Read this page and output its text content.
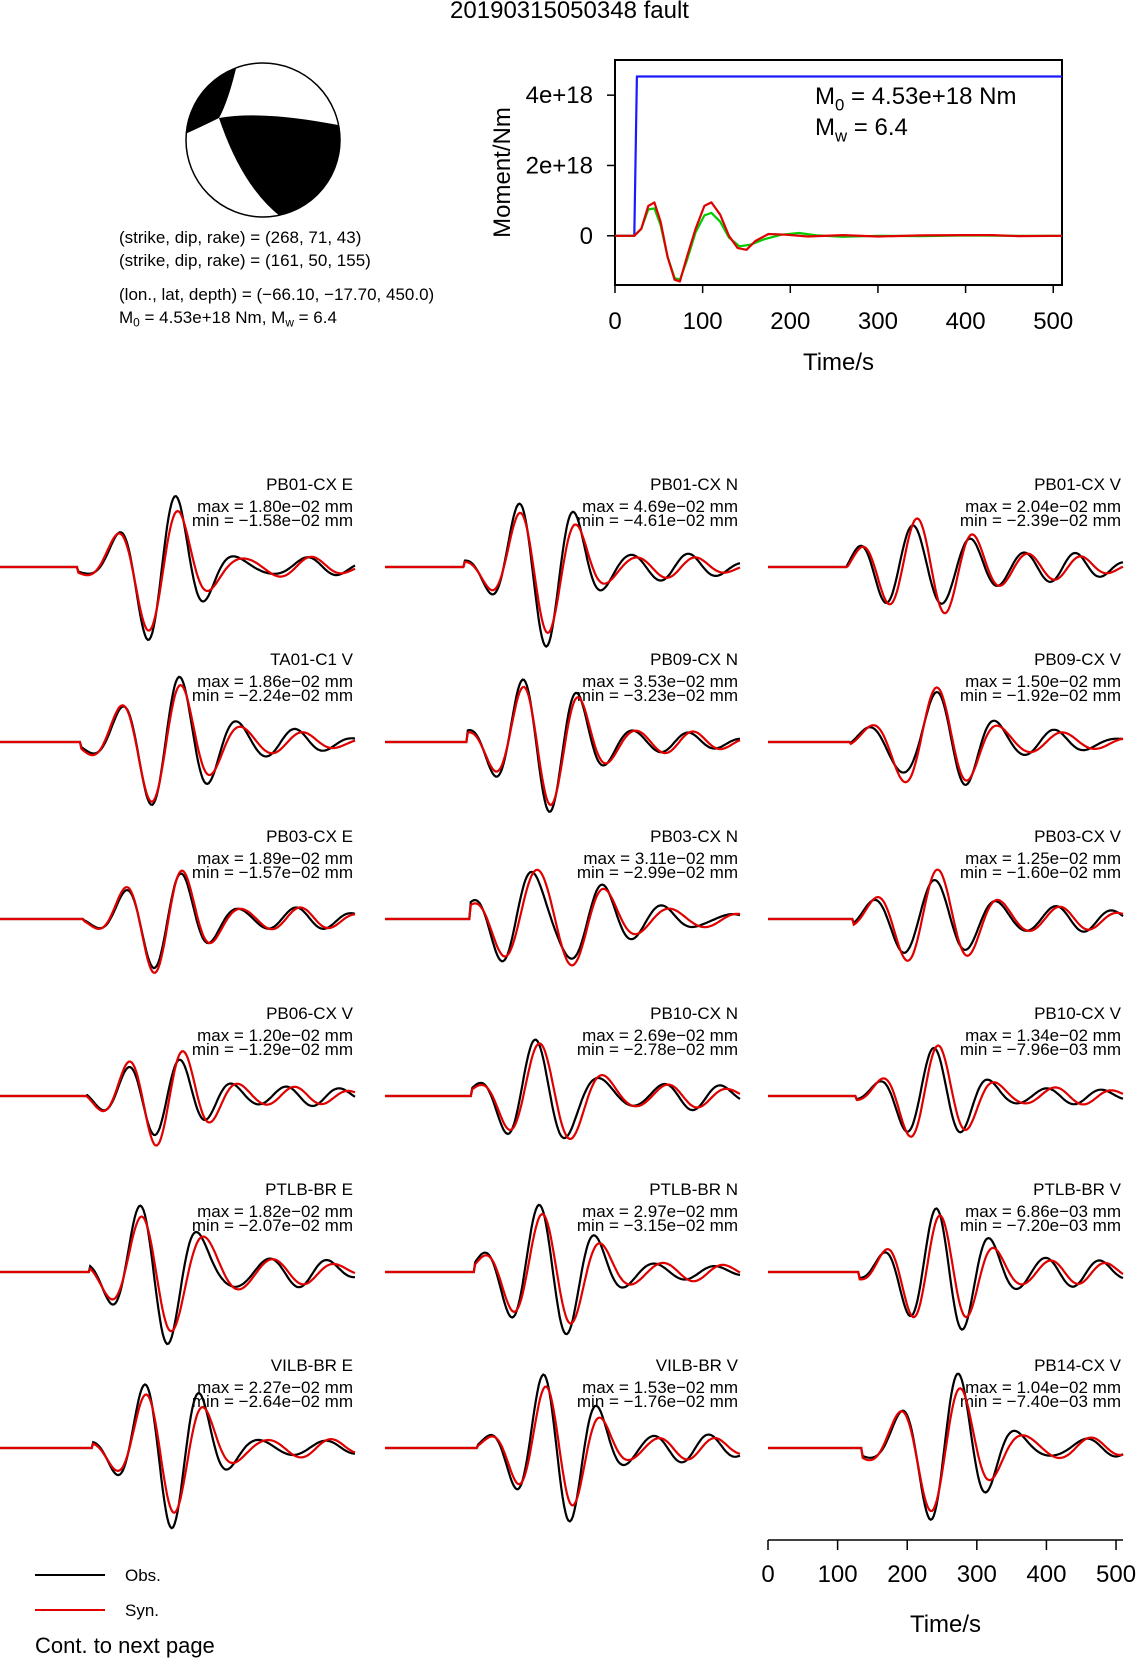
20190315050348 fault
(strike, dip, rake) = (268, 71, 43)
(strike, dip, rake) = (161, 50, 155)
(lon., lat, depth) = (−66.10, −17.70, 450.0)
$M_0 = 4.53e+18$ Nm, $M_w = 6.4$	0	100 200 300 400 500
0
2e+18
4e+18
Moment/Nm
Time/s
$M_0 = 4.53e+18$ Nm
$M_w = 6.4$
PB01-CX E
max = 1.80e−02 mm
min = −1.58e−02 mm
PB01-CX N
max = 4.69e−02 mm
min = −4.61e−02 mm
PB01-CX V
max = 2.04e−02 mm
min = −2.39e−02 mm
TA01-C1 V
max = 1.86e−02 mm
min = −2.24e−02 mm
PB09-CX N
max = 3.53e−02 mm
min = −3.23e−02 mm
PB09-CX V
max = 1.50e−02 mm
min = −1.92e−02 mm
PB03-CX E
max = 1.89e−02 mm
min = −1.57e−02 mm
PB03-CX N
max = 3.11e−02 mm
min = −2.99e−02 mm
PB03-CX V
max = 1.25e−02 mm
min = −1.60e−02 mm
PB06-CX V
max = 1.20e−02 mm
min = −1.29e−02 mm
PB10-CX N
max = 2.69e−02 mm
min = −2.78e−02 mm
PB10-CX V
max = 1.34e−02 mm
min = −7.96e−03 mm
PTLB-BR E
max = 1.82e−02 mm
min = −2.07e−02 mm
PTLB-BR N
max = 2.97e−02 mm
min = −3.15e−02 mm
PTLB-BR V
max = 6.86e−03 mm
min = −7.20e−03 mm
VILB-BR E
max = 2.27e−02 mm
min = −2.64e−02 mm
VILB-BR V
max = 1.53e−02 mm
min = −1.76e−02 mm
PB14-CX V
max = 1.04e−02 mm
min = −7.40e−03 mm
0 100 200 300 400 500
Time/s
Obs.
Syn.
Cont. to next page
